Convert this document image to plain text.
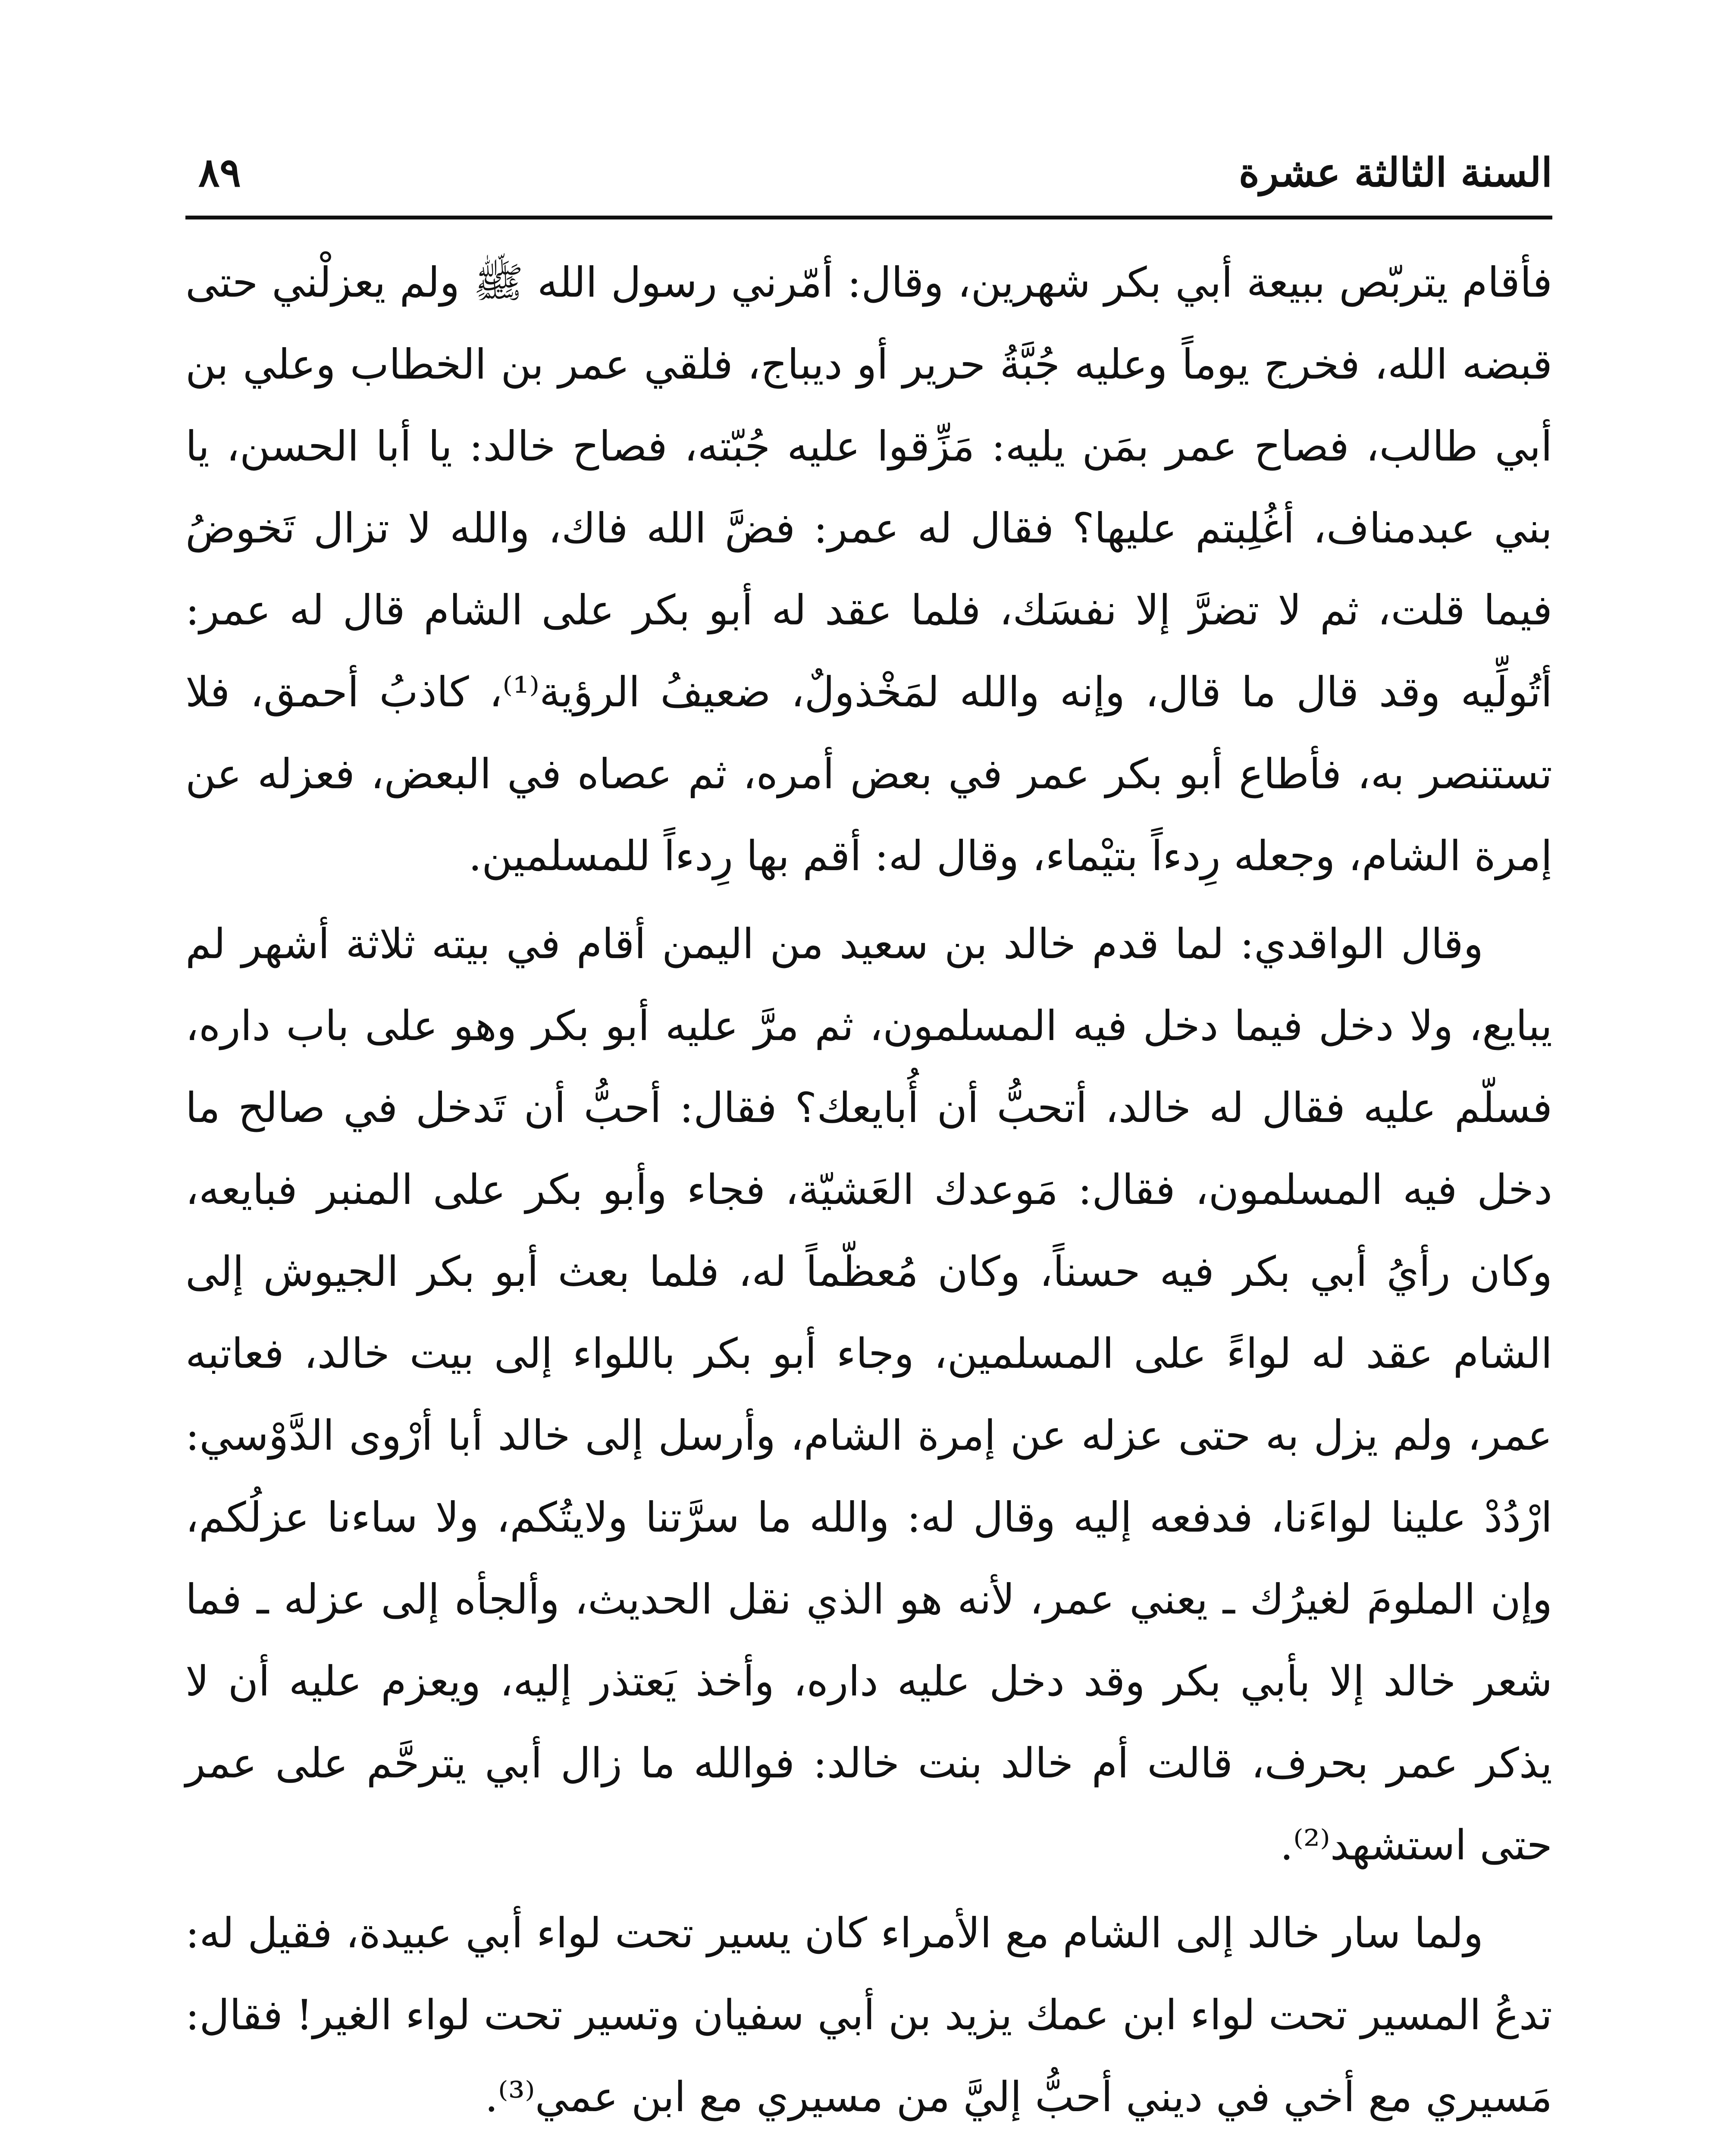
السنة الثالثة عشرة
٨٩

فأقام يتربّص ببيعة أبي بكر شهرين، وقال: أمّرني رسول الله ﷺ ولم يعزلْني حتى قبضه الله، فخرج يوماً وعليه جُبَّةُ حرير أو ديباج، فلقي عمر بن الخطاب وعلي بن أبي طالب، فصاح عمر بمَن يليه: مَزِّقوا عليه جُبّته، فصاح خالد: يا أبا الحسن، يا بني عبدمناف، أغُلِبتم عليها؟ فقال له عمر: فضَّ الله فاك، والله لا تزال تَخوضُ فيما قلت، ثم لا تضرَّ إلا نفسَك، فلما عقد له أبو بكر على الشام قال له عمر: أتُولِّيه وقد قال ما قال، وإنه والله لمَخْذولٌ، ضعيفُ الرؤية⁽¹⁾، كاذبُ أحمق، فلا تستنصر به، فأطاع أبو بكر عمر في بعض أمره، ثم عصاه في البعض، فعزله عن إمرة الشام، وجعله رِدءاً بتيْماء، وقال له: أقم بها رِدءاً للمسلمين.

وقال الواقدي: لما قدم خالد بن سعيد من اليمن أقام في بيته ثلاثة أشهر لم يبايع، ولا دخل فيما دخل فيه المسلمون، ثم مرَّ عليه أبو بكر وهو على باب داره، فسلّم عليه فقال له خالد، أتحبُّ أن أُبايعك؟ فقال: أحبُّ أن تَدخل في صالح ما دخل فيه المسلمون، فقال: مَوعدك العَشيّة، فجاء وأبو بكر على المنبر فبايعه، وكان رأيُ أبي بكر فيه حسناً، وكان مُعظّماً له، فلما بعث أبو بكر الجيوش إلى الشام عقد له لواءً على المسلمين، وجاء أبو بكر باللواء إلى بيت خالد، فعاتبه عمر، ولم يزل به حتى عزله عن إمرة الشام، وأرسل إلى خالد أبا أرْوى الدَّوْسي: ارْدُدْ علينا لواءَنا، فدفعه إليه وقال له: والله ما سرَّتنا ولايتُكم، ولا ساءنا عزلُكم، وإن الملومَ لغيرُك ـ يعني عمر، لأنه هو الذي نقل الحديث، وألجأه إلى عزله ـ فما شعر خالد إلا بأبي بكر وقد دخل عليه داره، وأخذ يَعتذر إليه، ويعزم عليه أن لا يذكر عمر بحرف، قالت أم خالد بنت خالد: فوالله ما زال أبي يترحَّم على عمر حتى استشهد⁽²⁾.

ولما سار خالد إلى الشام مع الأمراء كان يسير تحت لواء أبي عبيدة، فقيل له: تدعُ المسير تحت لواء ابن عمك يزيد بن أبي سفيان وتسير تحت لواء الغير! فقال: مَسيري مع أخي في ديني أحبُّ إليَّ من مسيري مع ابن عمي⁽³⁾.
